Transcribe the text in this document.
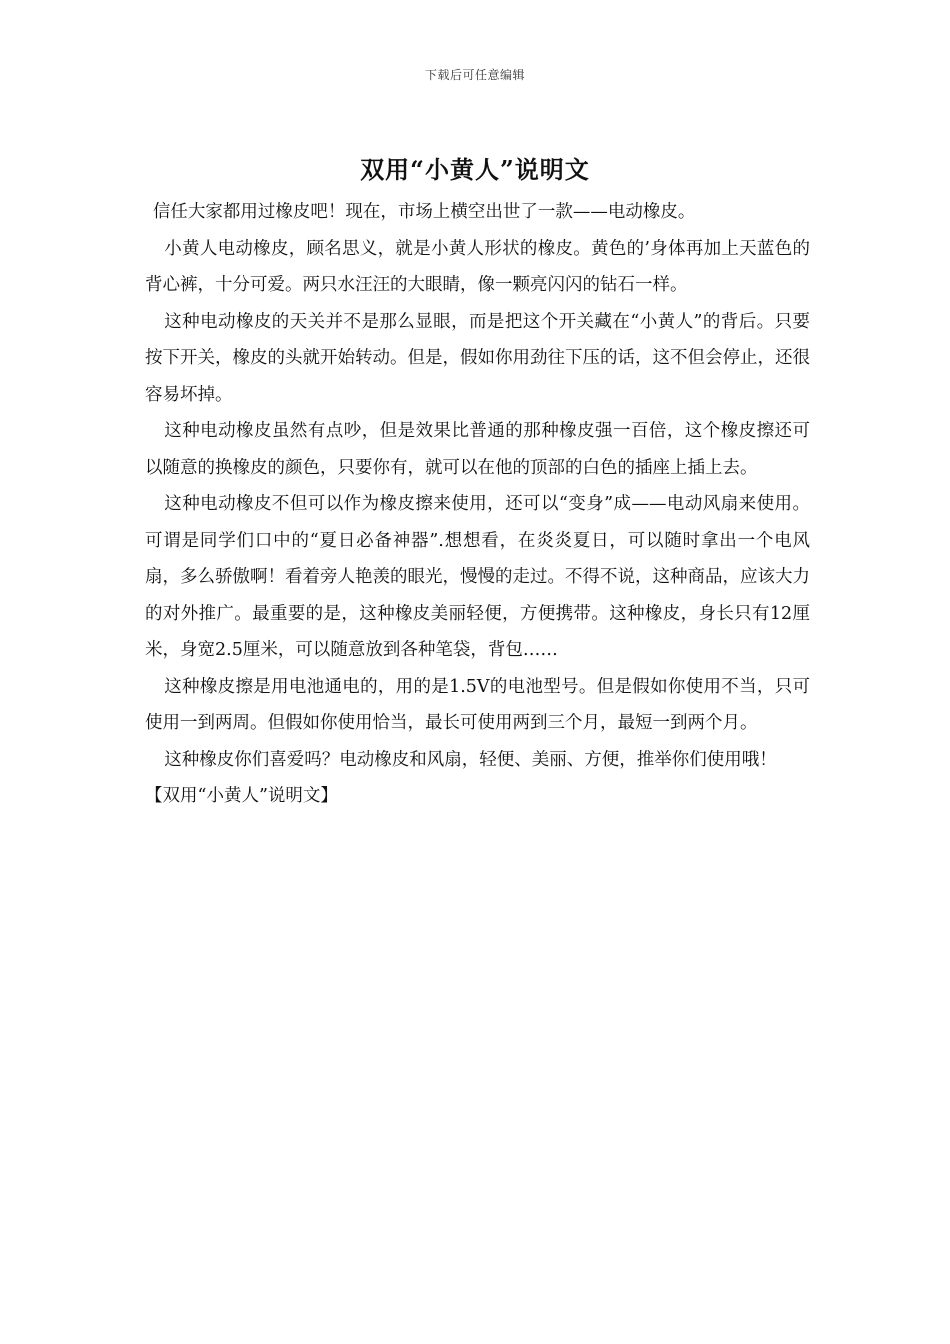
下载后可任意编辑
双用“小黄人”说明文

信任大家都用过橡皮吧！现在，市场上横空出世了一款——电动橡皮。

小黄人电动橡皮，顾名思义，就是小黄人形状的橡皮。黄色的’身体再加上天蓝色的背心裤，十分可爱。两只水汪汪的大眼睛，像一颗亮闪闪的钻石一样。

这种电动橡皮的天关并不是那么显眼，而是把这个开关藏在“小黄人”的背后。只要按下开关，橡皮的头就开始转动。但是，假如你用劲往下压的话，这不但会停止，还很容易坏掉。

这种电动橡皮虽然有点吵，但是效果比普通的那种橡皮强一百倍，这个橡皮擦还可以随意的换橡皮的颜色，只要你有，就可以在他的顶部的白色的插座上插上去。

这种电动橡皮不但可以作为橡皮擦来使用，还可以“变身”成——电动风扇来使用。可谓是同学们口中的“夏日必备神器”.想想看，在炎炎夏日，可以随时拿出一个电风扇，多么骄傲啊！看着旁人艳羡的眼光，慢慢的走过。不得不说，这种商品，应该大力的对外推广。最重要的是，这种橡皮美丽轻便，方便携带。这种橡皮，身长只有12厘米，身宽2.5厘米，可以随意放到各种笔袋，背包……

这种橡皮擦是用电池通电的，用的是1.5V的电池型号。但是假如你使用不当，只可使用一到两周。但假如你使用恰当，最长可使用两到三个月，最短一到两个月。

这种橡皮你们喜爱吗？电动橡皮和风扇，轻便、美丽、方便，推举你们使用哦！

【双用“小黄人”说明文】
